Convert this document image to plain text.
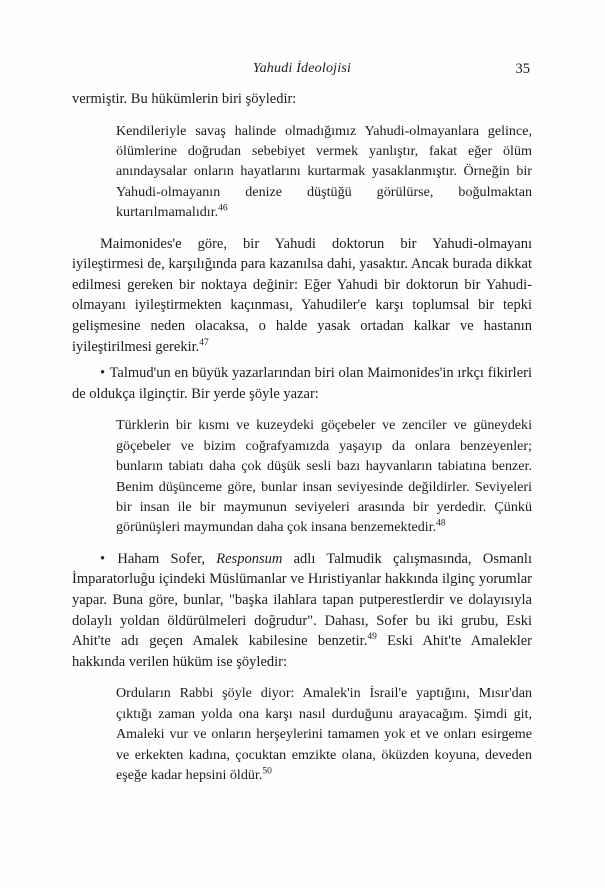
Yahudi İdeolojisi	35

vermiştir. Bu hükümlerin biri şöyledir:

Kendileriyle savaş halinde olmadığımız Yahudi-olmayanlara gelince, ölümlerine doğrudan sebebiyet vermek yanlıştır, fakat eğer ölüm anındaysalar onların hayatlarını kurtarmak yasaklanmıştır. Örneğin bir Yahudi-olmayanın denize düştüğü görülürse, boğulmaktan kurtarılmamalıdır.$^{46}$

Maimonides'e göre, bir Yahudi doktorun bir Yahudi-olmayanı iyileştirmesi de, karşılığında para kazanılsa dahi, yasaktır. Ancak burada dikkat edilmesi gereken bir noktaya değinir: Eğer Yahudi bir doktorun bir Yahudi-olmayanı iyileştirmekten kaçınması, Yahudiler'e karşı toplumsal bir tepki gelişmesine neden olacaksa, o halde yasak ortadan kalkar ve hastanın iyileştirilmesi gerekir.$^{47}$

• Talmud'un en büyük yazarlarından biri olan Maimonides'in ırkçı fikirleri de oldukça ilginçtir. Bir yerde şöyle yazar:

Türklerin bir kısmı ve kuzeydeki göçebeler ve zenciler ve güneydeki göçebeler ve bizim coğrafyamızda yaşayıp da onlara benzeyenler; bunların tabiatı daha çok düşük sesli bazı hayvanların tabiatına benzer. Benim düşünceme göre, bunlar insan seviyesinde değildirler. Seviyeleri bir insan ile bir maymunun seviyeleri arasında bir yerdedir. Çünkü görünüşleri maymundan daha çok insana benzemektedir.$^{48}$

• Haham Sofer, Responsum adlı Talmudik çalışmasında, Osmanlı İmparatorluğu içindeki Müslümanlar ve Hıristiyanlar hakkında ilginç yorumlar yapar. Buna göre, bunlar, "başka ilahlara tapan putperestlerdir ve dolayısıyla dolaylı yoldan öldürülmeleri doğrudur". Dahası, Sofer bu iki grubu, Eski Ahit'te adı geçen Amalek kabilesine benzetir.$^{49}$ Eski Ahit'te Amalekler hakkında verilen hüküm ise şöyledir:

Orduların Rabbi şöyle diyor: Amalek'in İsrail'e yaptığını, Mısır'dan çıktığı zaman yolda ona karşı nasıl durduğunu arayacağım. Şimdi git, Amaleki vur ve onların herşeylerini tamamen yok et ve onları esirgeme ve erkekten kadına, çocuktan emzikte olana, öküzden koyuna, deveden eşeğe kadar hepsini öldür.$^{50}$
